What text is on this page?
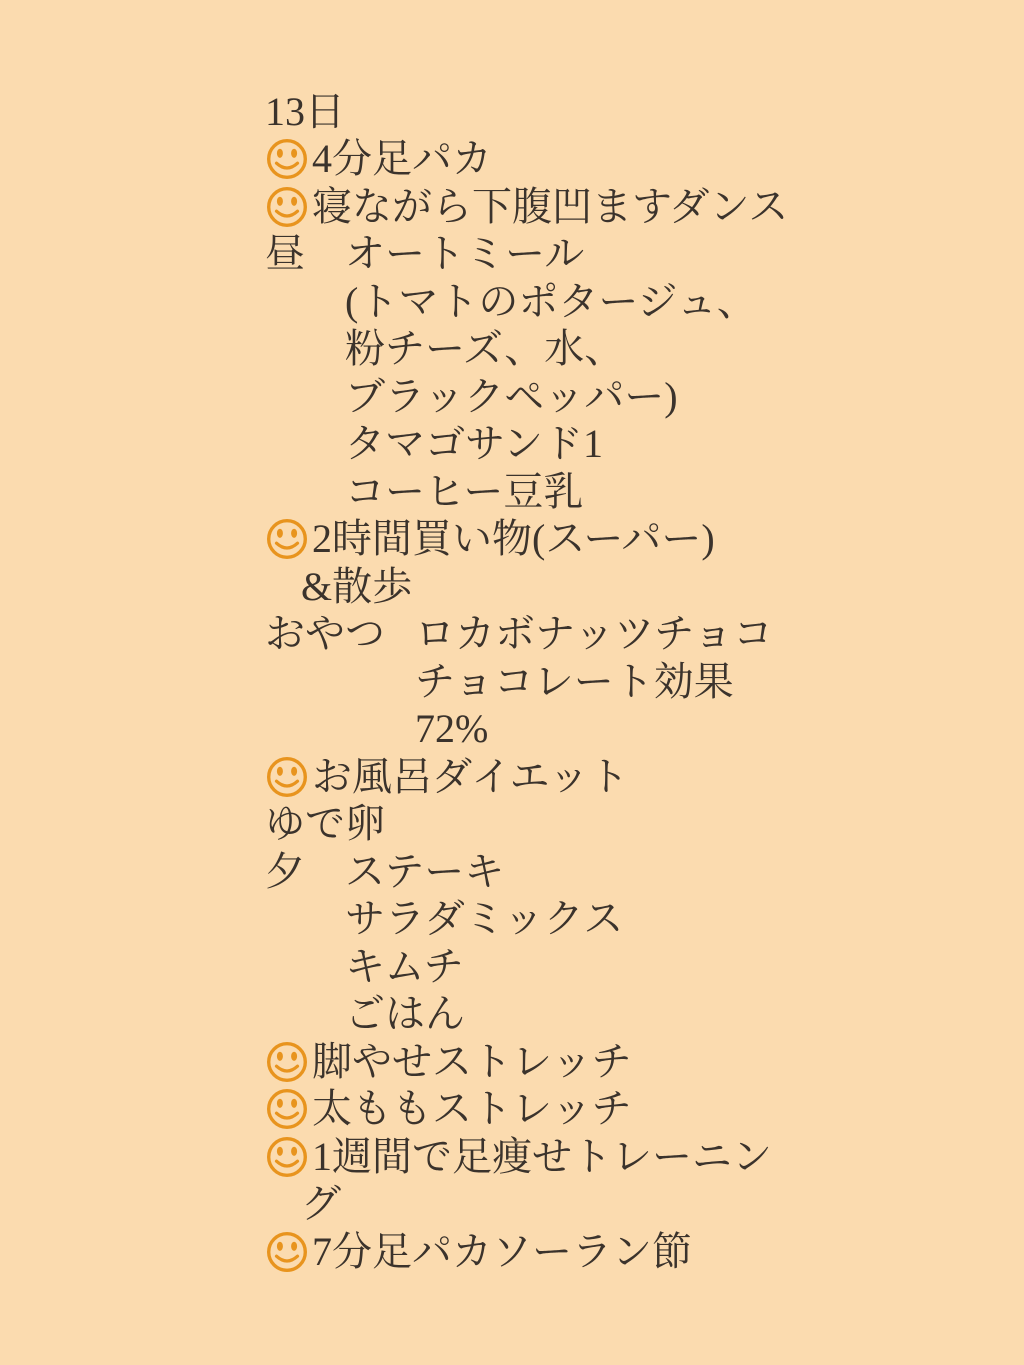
13日
4分足パカ
寝ながら下腹凹ますダンス
昼	オートミール
(トマトのポタージュ、
粉チーズ、水、
ブラックペッパー)
タマゴサンド1
コーヒー豆乳
2時間買い物(スーパー)
&散歩
おやつ ロカボナッツチョコ
チョコレート効果
72%
お風呂ダイエット
ゆで卵
夕	ステーキ
サラダミックス
キムチ
ごはん
脚やせストレッチ
太ももストレッチ
1週間で足痩せトレーニン
グ
7分足パカソーラン節
